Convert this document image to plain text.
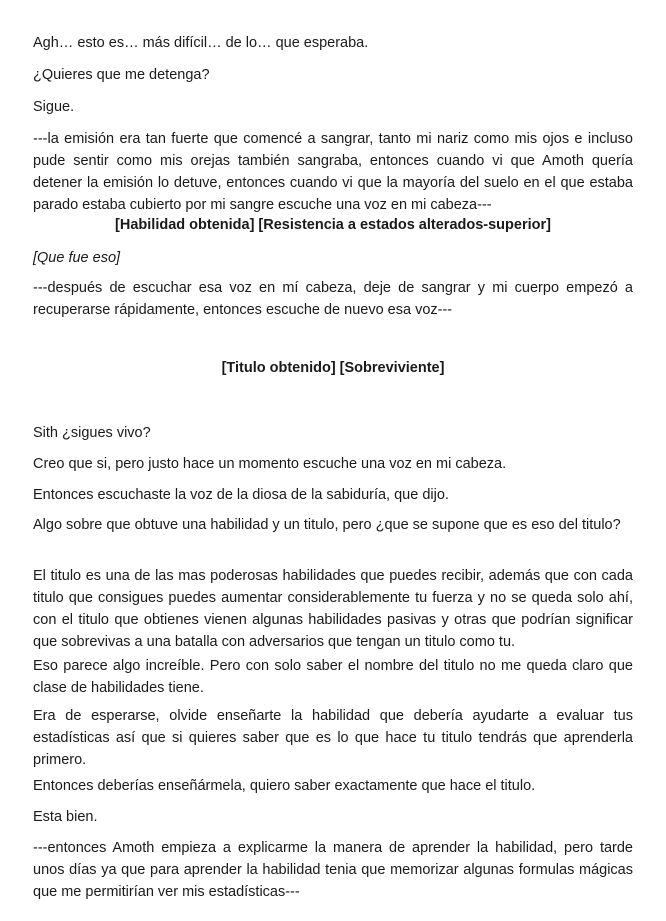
Agh… esto es… más difícil… de lo… que esperaba.

¿Quieres que me detenga?

Sigue.

---la emisión era tan fuerte que comencé a sangrar, tanto mi nariz como mis ojos e incluso pude sentir como mis orejas también sangraba, entonces cuando vi que Amoth quería detener la emisión lo detuve, entonces cuando vi que la mayoría del suelo en el que estaba parado estaba cubierto por mi sangre escuche una voz en mi cabeza---

[Habilidad obtenida] [Resistencia a estados alterados-superior]

[Que fue eso]

---después de escuchar esa voz en mí cabeza, deje de sangrar y mi cuerpo empezó a recuperarse rápidamente, entonces escuche de nuevo esa voz---

[Titulo obtenido] [Sobreviviente]

Sith ¿sigues vivo?

Creo que si, pero justo hace un momento escuche una voz en mi cabeza.

Entonces escuchaste la voz de la diosa de la sabiduría, que dijo.

Algo sobre que obtuve una habilidad y un titulo, pero ¿que se supone que es eso del titulo?

El titulo es una de las mas poderosas habilidades que puedes recibir, además que con cada titulo que consigues puedes aumentar considerablemente tu fuerza y no se queda solo ahí, con el titulo que obtienes vienen algunas habilidades pasivas y otras que podrían significar que sobrevivas a una batalla con adversarios que tengan un titulo como tu.

Eso parece algo increíble. Pero con solo saber el nombre del titulo no me queda claro que clase de habilidades tiene.

Era de esperarse, olvide enseñarte la habilidad que debería ayudarte a evaluar tus estadísticas así que si quieres saber que es lo que hace tu titulo tendrás que aprenderla primero.

Entonces deberías enseñármela, quiero saber exactamente que hace el titulo.

Esta bien.

---entonces Amoth empieza a explicarme la manera de aprender la habilidad, pero tarde unos días ya que para aprender la habilidad tenia que memorizar algunas formulas mágicas que me permitirían ver mis estadísticas---
